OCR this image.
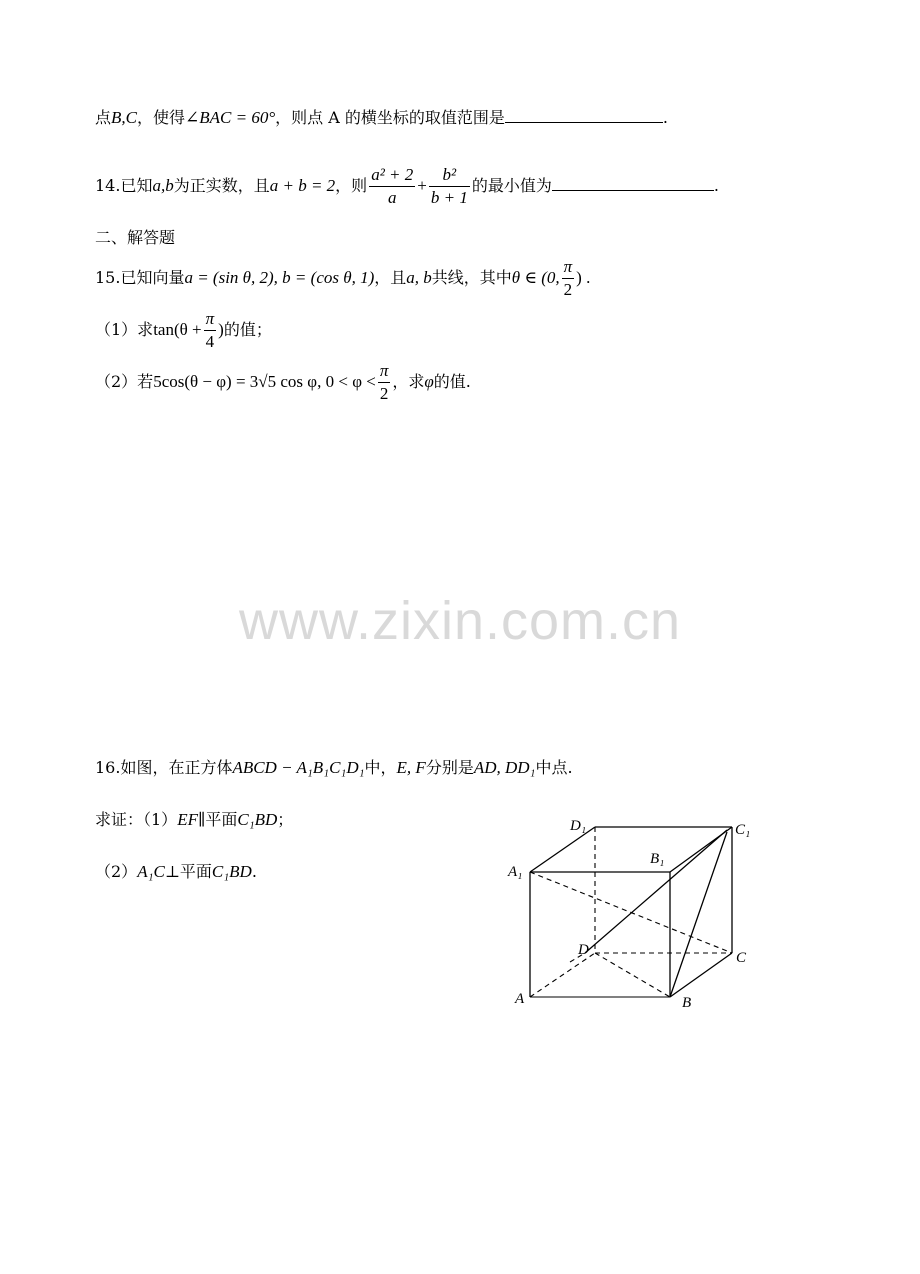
点B,C，使得∠BAC = 60°，则点 A 的横坐标的取值范围是	.
14.已知a,b为正实数，且a + b = 2，则 $\frac{\text{a² + 2}}{a} + \frac{\text{b²}}{b + 1}$ 的最小值为	.
二、解答题
15.已知向量a = (sin θ, 2), b = (cos θ, 1)，且a, b共线，其中θ ∈ (0, $\frac{\pi}{2}$ ) .
（1）求$\tan(\theta + \frac{\pi}{4}$ )的值；
（2）若5cos(θ − φ) = 3√5 cos φ, $0 < \varphi < \frac{\pi}{2}$ ，求φ的值.
www.zixin.com.cn
16.如图，在正方体ABCD − A₁B₁C₁D₁中，E, F分别是AD, DD₁中点.
求证：（1）EF∥平面C₁BD；
（2）A₁C⊥平面C₁BD.	A₁
D₁	C₁
B₁
D	C
A	B
